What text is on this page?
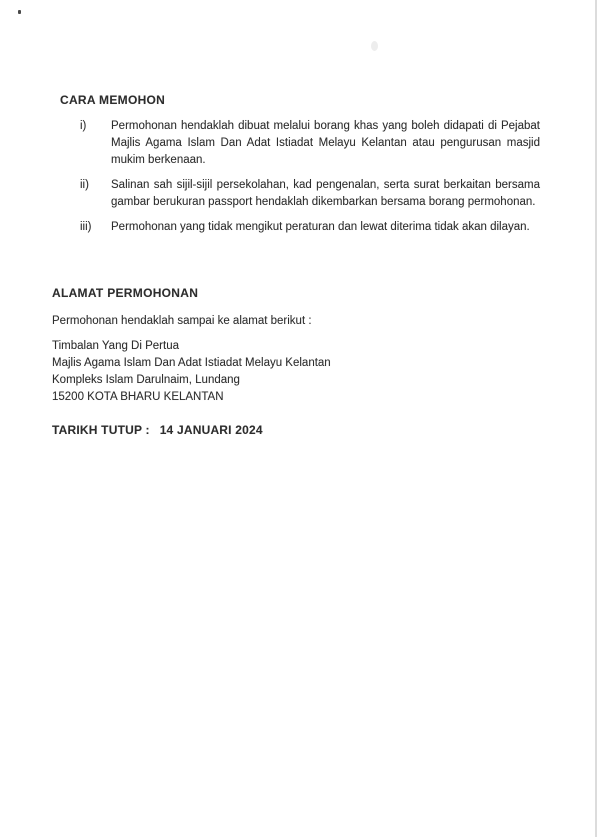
CARA MEMOHON
i)	Permohonan hendaklah dibuat melalui borang khas yang boleh didapati di Pejabat Majlis Agama Islam Dan Adat Istiadat Melayu Kelantan atau pengurusan masjid mukim berkenaan.

ii)	Salinan sah sijil-sijil persekolahan, kad pengenalan, serta surat berkaitan bersama gambar berukuran passport hendaklah dikembarkan bersama borang permohonan.

iii)	Permohonan yang tidak mengikut peraturan dan lewat diterima tidak akan dilayan.

ALAMAT PERMOHONAN
Permohonan hendaklah sampai ke alamat berikut :
Timbalan Yang Di Pertua
Majlis Agama Islam Dan Adat Istiadat Melayu Kelantan
Kompleks Islam Darulnaim, Lundang
15200 KOTA BHARU KELANTAN
TARIKH TUTUP : 14 JANUARI 2024
